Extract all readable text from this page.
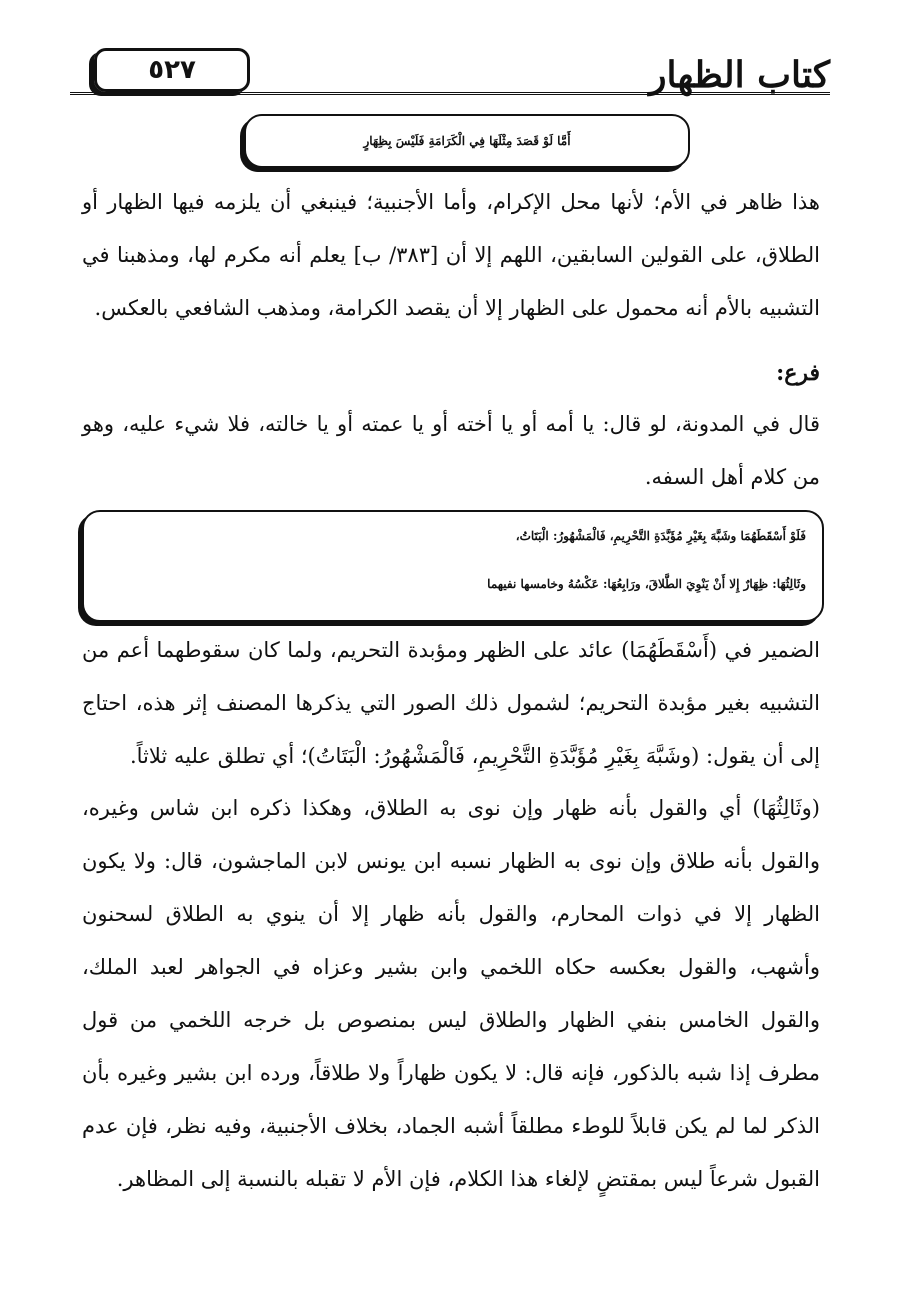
كتاب الظهار
٥٢٧
أَمَّا لَوْ قَصَدَ مِثْلَهَا فِي الْكَرَامَةِ فَلَيْسَ بِظِهَارٍ
هذا ظاهر في الأم؛ لأنها محل الإكرام، وأما الأجنبية؛ فينبغي أن يلزمه فيها الظهار أو الطلاق، على القولين السابقين، اللهم إلا أن [٣٨٣/ ب] يعلم أنه مكرم لها، ومذهبنا في التشبيه بالأم أنه محمول على الظهار إلا أن يقصد الكرامة، ومذهب الشافعي بالعكس.
فرع:
قال في المدونة، لو قال: يا أمه أو يا أخته أو يا عمته أو يا خالته، فلا شيء عليه، وهو من كلام أهل السفه.
فَلَوْ أَسْقَطَهُمَا وشَبَّهَ بِغَيْرِ مُؤَبَّدَةِ التَّحْرِيمِ، فَالْمَشْهُورُ: الْبَتَاتُ،
وثَالِثُهَا: ظِهَارٌ إِلا أَنْ يَنْوِيَ الطَّلاقَ، ورَابِعُهَا: عَكْسُهُ وخامسها نفيهما
الضمير في (أَسْقَطَهُمَا) عائد على الظهر ومؤبدة التحريم، ولما كان سقوطهما أعم من التشبيه بغير مؤبدة التحريم؛ لشمول ذلك الصور التي يذكرها المصنف إثر هذه، احتاج إلى أن يقول: (وشَبَّهَ بِغَيْرِ مُؤَبَّدَةِ التَّحْرِيمِ، فَالْمَشْهُورُ: الْبَتَاتُ)؛ أي تطلق عليه ثلاثاً.
(وثَالِثُهَا) أي والقول بأنه ظهار وإن نوى به الطلاق، وهكذا ذكره ابن شاس وغيره، والقول بأنه طلاق وإن نوى به الظهار نسبه ابن يونس لابن الماجشون، قال: ولا يكون الظهار إلا في ذوات المحارم، والقول بأنه ظهار إلا أن ينوي به الطلاق لسحنون وأشهب، والقول بعكسه حكاه اللخمي وابن بشير وعزاه في الجواهر لعبد الملك، والقول الخامس بنفي الظهار والطلاق ليس بمنصوص بل خرجه اللخمي من قول مطرف إذا شبه بالذكور، فإنه قال: لا يكون ظهاراً ولا طلاقاً، ورده ابن بشير وغيره بأن الذكر لما لم يكن قابلاً للوطء مطلقاً أشبه الجماد، بخلاف الأجنبية، وفيه نظر، فإن عدم القبول شرعاً ليس بمقتضٍ لإلغاء هذا الكلام، فإن الأم لا تقبله بالنسبة إلى المظاهر.
